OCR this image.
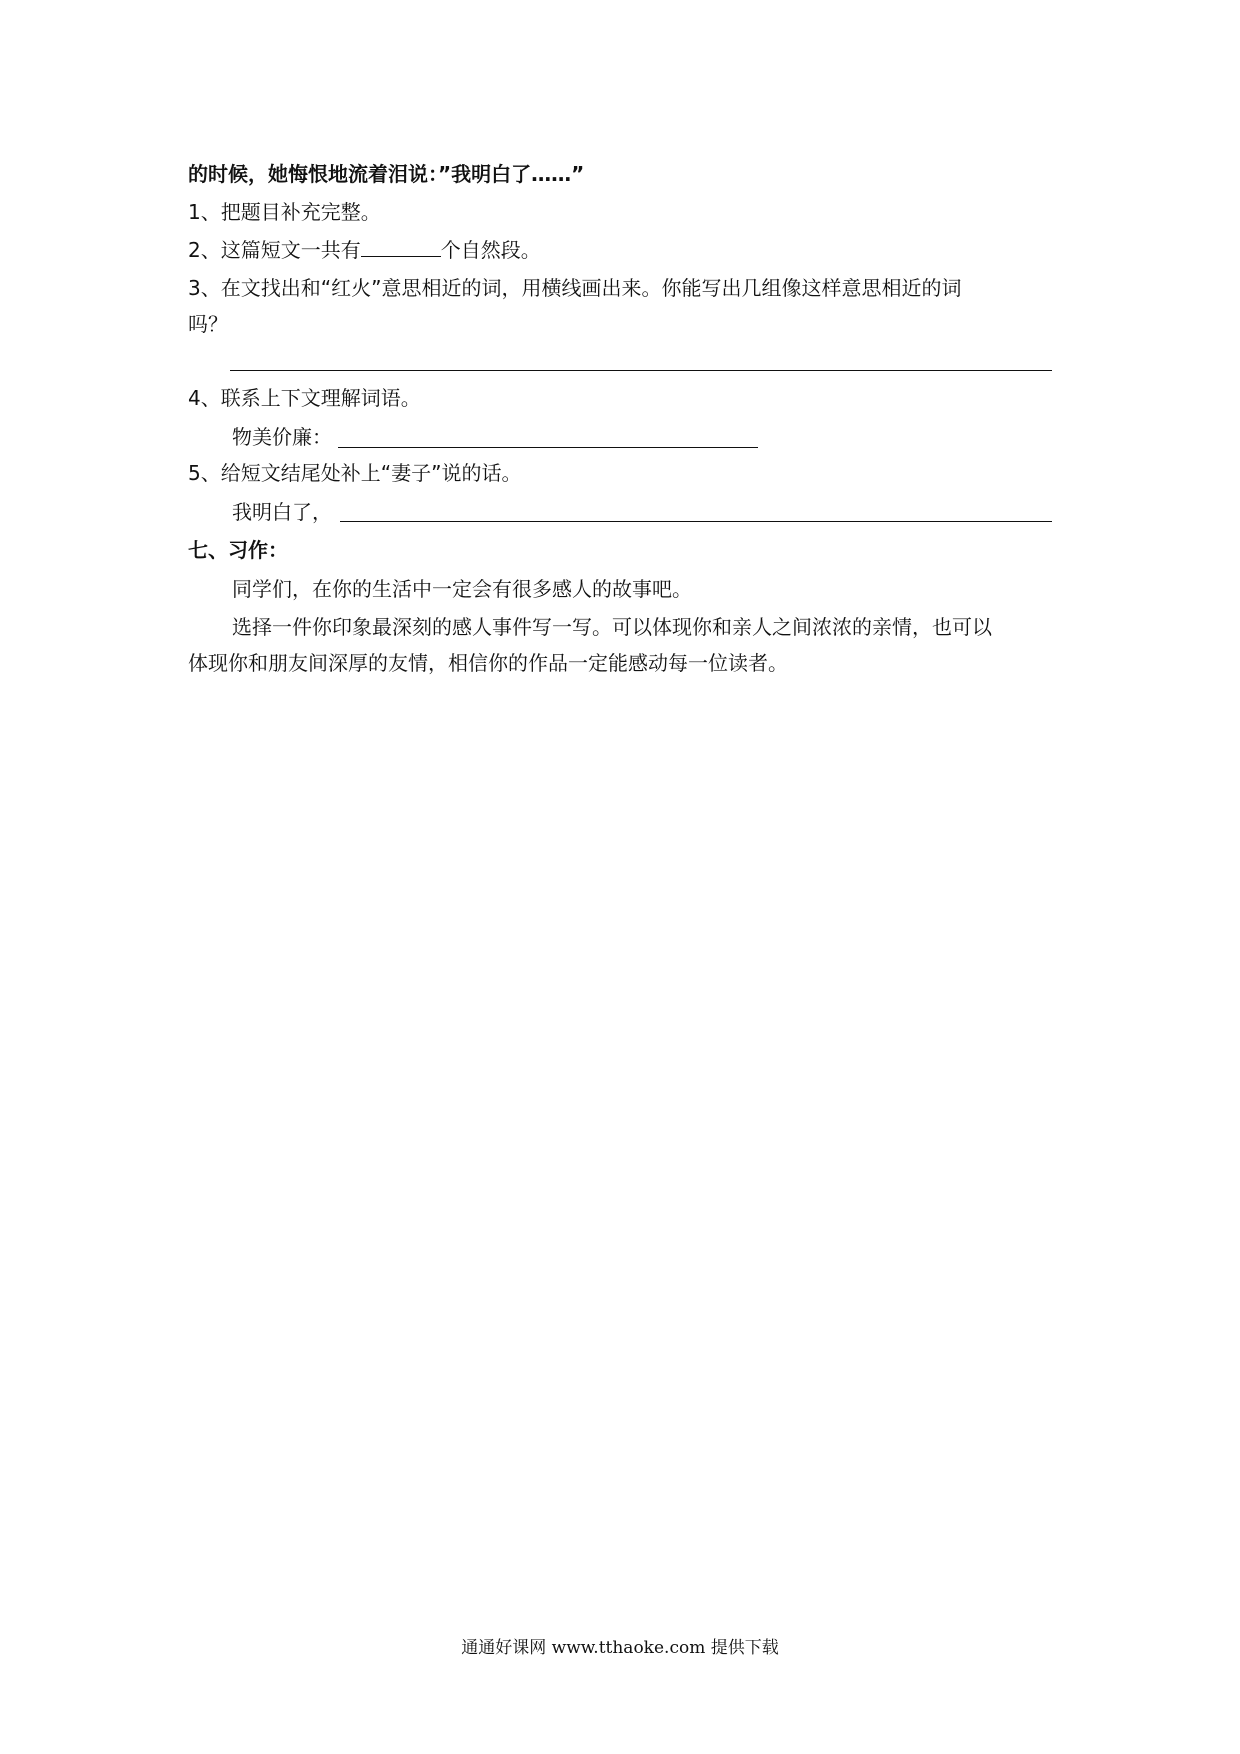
的时候，她悔恨地流着泪说：”我明白了……”
1、把题目补充完整。
2、这篇短文一共有	个自然段。
3、在文找出和“红火”意思相近的词，用横线画出来。你能写出几组像这样意思相近的词
吗？
4、联系上下文理解词语。
物美价廉：
5、给短文结尾处补上“妻子”说的话。
我明白了，
七、习作：
同学们，在你的生活中一定会有很多感人的故事吧。
选择一件你印象最深刻的感人事件写一写。可以体现你和亲人之间浓浓的亲情，也可以
体现你和朋友间深厚的友情，相信你的作品一定能感动每一位读者。
通通好课网 www.tthaoke.com 提供下载
